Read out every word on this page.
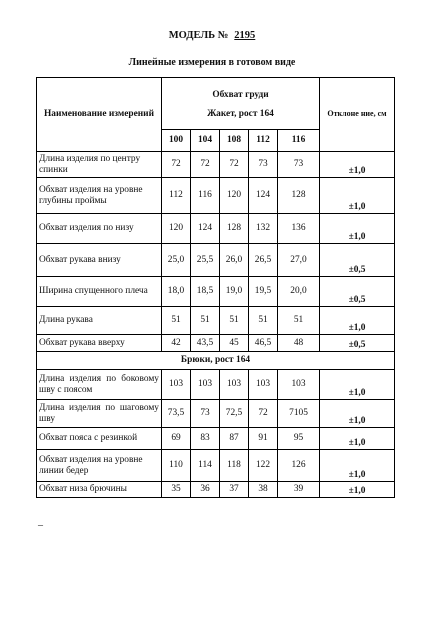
МОДЕЛЬ № 2195
Линейные измерения в готовом виде
Наименование измерений	Обхват груди
Жакет, рост 164					Отклоне ние, см
	100	104	108	112	116	
Длина изделия по центру спинки	72	72	72	73	73	±1,0
Обхват изделия на уровне глубины проймы	112	116	120	124	128	±1,0
Обхват изделия по низу	120	124	128	132	136	±1,0
Обхват рукава внизу	25,0	25,5	26,0	26,5	27,0	±0,5
Ширина спущенного плеча	18,0	18,5	19,0	19,5	20,0	±0,5
Длина рукава	51	51	51	51	51	±1,0
Обхват рукава вверху	42	43,5	45	46,5	48	±0,5
Брюки, рост 164						
Длина изделия по боковому шву с поясом	103	103	103	103	103	±1,0
Длина изделия по шаговому шву	73,5	73	72,5	72	7105	±1,0
Обхват пояса с резинкой	69	83	87	91	95	±1,0
Обхват изделия на уровне линии бедер	110	114	118	122	126	±1,0
Обхват низа брючины	35	36	37	38	39	±1,0
–
